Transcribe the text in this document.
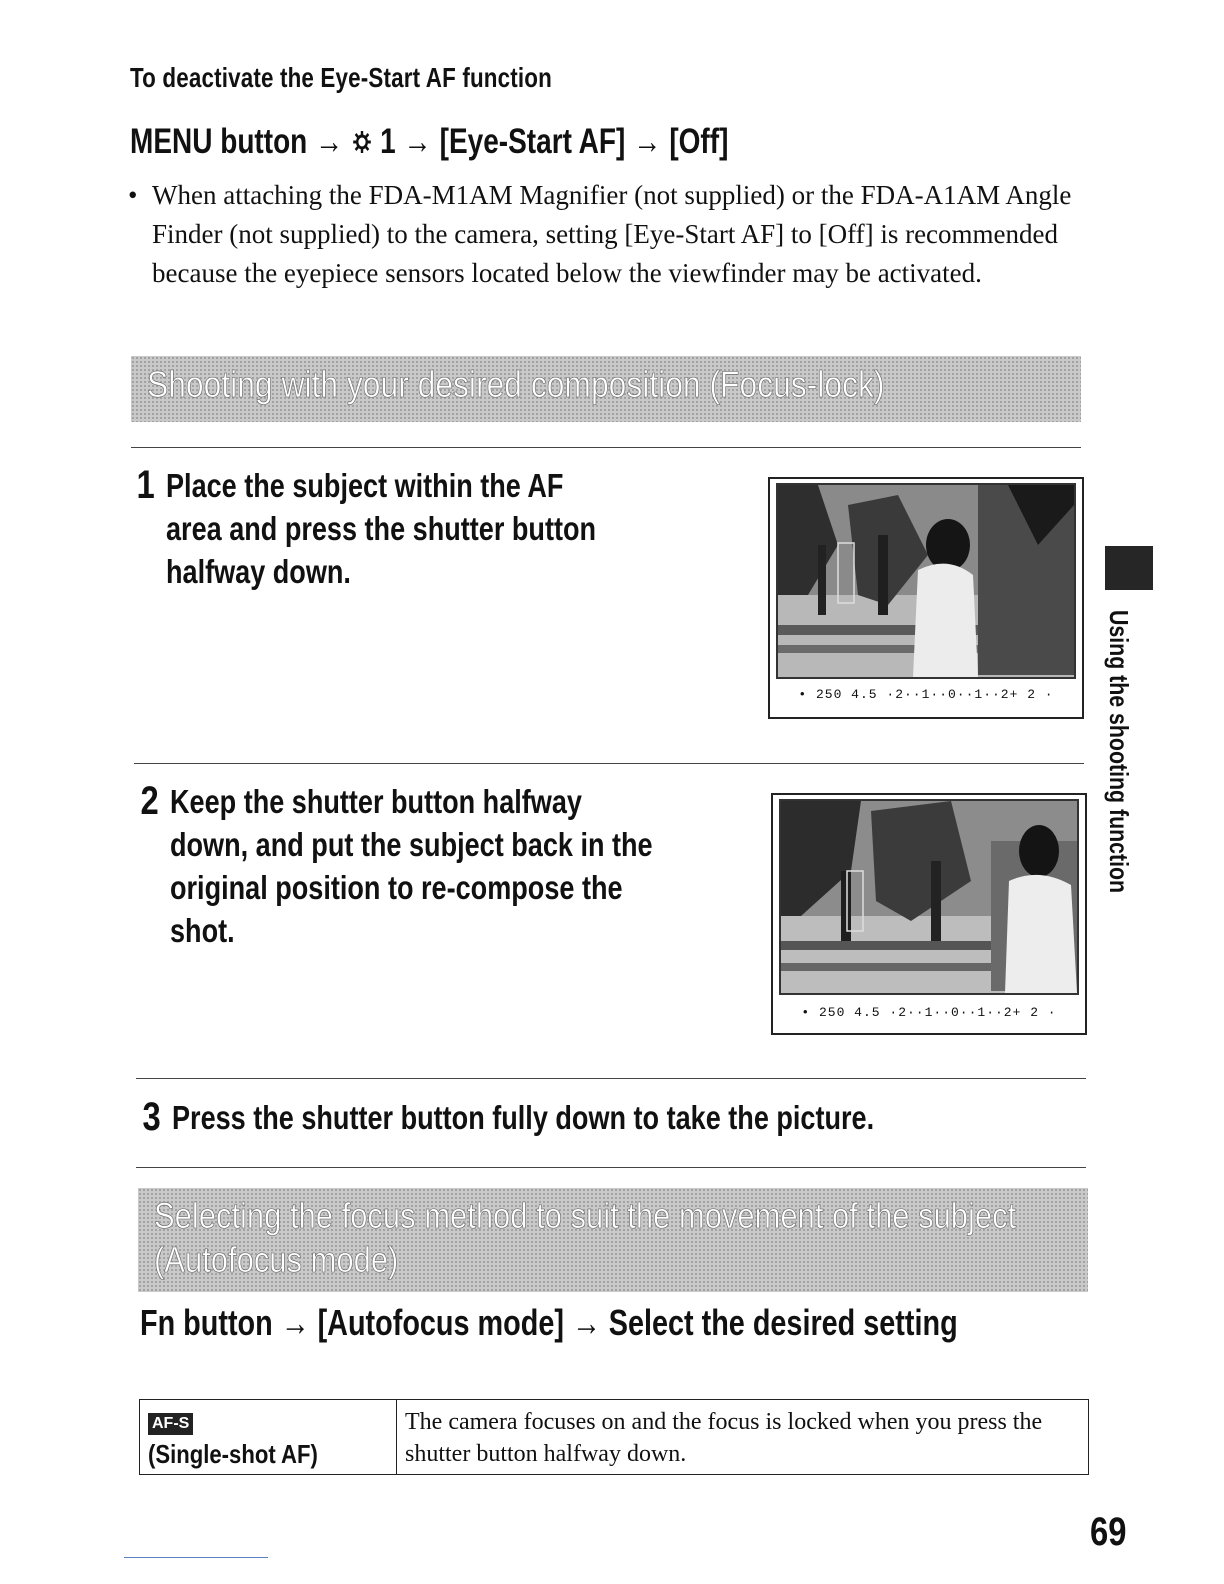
To deactivate the Eye-Start AF function
MENU button → 1 → [Eye-Start AF] → [Off]
• When attaching the FDA-M1AM Magnifier (not supplied) or the FDA-A1AM Angle Finder (not supplied) to the camera, setting [Eye-Start AF] to [Off] is recommended because the eyepiece sensors located below the viewfinder may be activated.
Shooting with your desired composition (Focus-lock)
1 Place the subject within the AF area and press the shutter button halfway down.
• 250 4.5 ·2··1··0··1··2+ 2 ·
2 Keep the shutter button halfway down, and put the subject back in the original position to re-compose the shot.
• 250 4.5 ·2··1··0··1··2+ 2 ·
3 Press the shutter button fully down to take the picture.
Selecting the focus method to suit the movement of the subject (Autofocus mode)
Fn button → [Autofocus mode] → Select the desired setting
AF-S(Single-shot AF)	The camera focuses on and the focus is locked when you press the shutter button halfway down.
Using the shooting function
69
